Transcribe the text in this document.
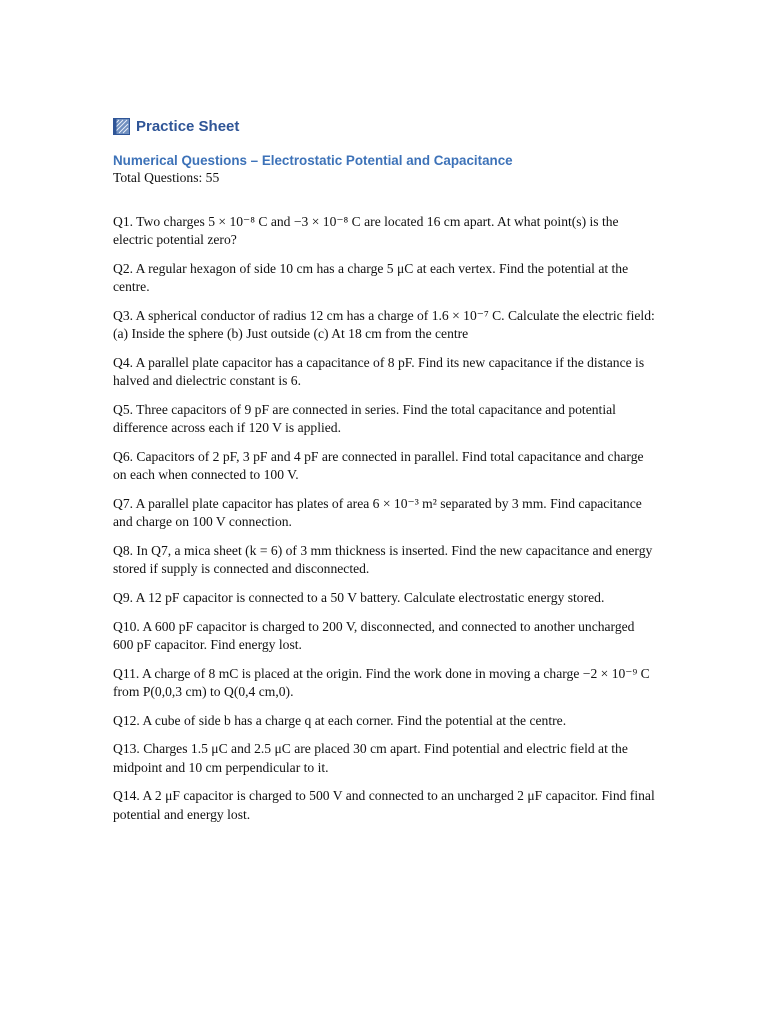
Practice Sheet
Numerical Questions – Electrostatic Potential and Capacitance
Total Questions: 55
Q1. Two charges 5 × 10⁻⁸ C and −3 × 10⁻⁸ C are located 16 cm apart. At what point(s) is the electric potential zero?
Q2. A regular hexagon of side 10 cm has a charge 5 μC at each vertex. Find the potential at the centre.
Q3. A spherical conductor of radius 12 cm has a charge of 1.6 × 10⁻⁷ C. Calculate the electric field: (a) Inside the sphere (b) Just outside (c) At 18 cm from the centre
Q4. A parallel plate capacitor has a capacitance of 8 pF. Find its new capacitance if the distance is halved and dielectric constant is 6.
Q5. Three capacitors of 9 pF are connected in series. Find the total capacitance and potential difference across each if 120 V is applied.
Q6. Capacitors of 2 pF, 3 pF and 4 pF are connected in parallel. Find total capacitance and charge on each when connected to 100 V.
Q7. A parallel plate capacitor has plates of area 6 × 10⁻³ m² separated by 3 mm. Find capacitance and charge on 100 V connection.
Q8. In Q7, a mica sheet (k = 6) of 3 mm thickness is inserted. Find the new capacitance and energy stored if supply is connected and disconnected.
Q9. A 12 pF capacitor is connected to a 50 V battery. Calculate electrostatic energy stored.
Q10. A 600 pF capacitor is charged to 200 V, disconnected, and connected to another uncharged 600 pF capacitor. Find energy lost.
Q11. A charge of 8 mC is placed at the origin. Find the work done in moving a charge −2 × 10⁻⁹ C from P(0,0,3 cm) to Q(0,4 cm,0).
Q12. A cube of side b has a charge q at each corner. Find the potential at the centre.
Q13. Charges 1.5 μC and 2.5 μC are placed 30 cm apart. Find potential and electric field at the midpoint and 10 cm perpendicular to it.
Q14. A 2 μF capacitor is charged to 500 V and connected to an uncharged 2 μF capacitor. Find final potential and energy lost.
